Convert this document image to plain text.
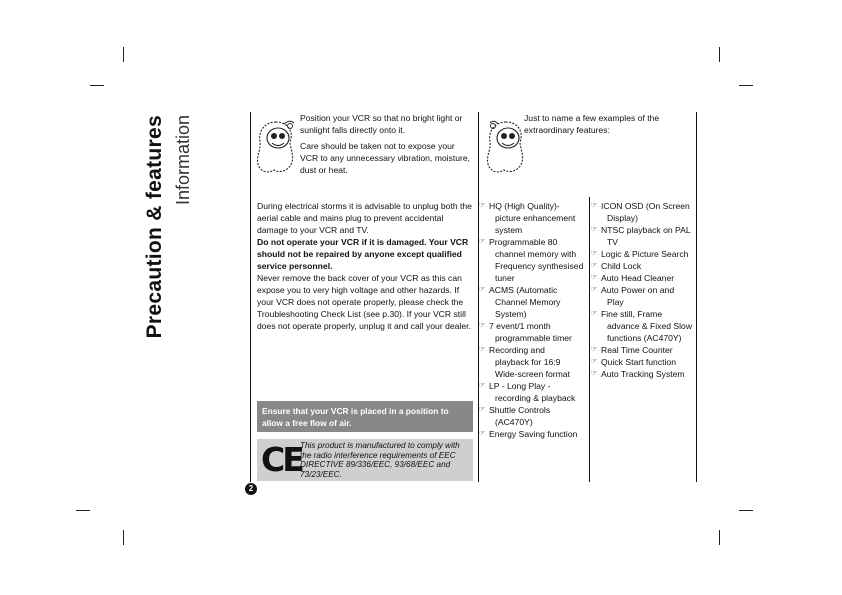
Precaution & features Information	Position your VCR so that no bright light or sunlight falls directly onto it.

Care should be taken not to expose your VCR to any unnecessary vibration, moisture, dust or heat.

During electrical storms it is advisable to unplug both the aerial cable and mains plug to prevent accidental damage to your VCR and TV.

Do not operate your VCR if it is damaged. Your VCR should not be repaired by anyone except qualified service personnel.

Never remove the back cover of your VCR as this can expose you to very high voltage and other hazards. If your VCR does not operate properly, please check the Troubleshooting Check List (see p.30). If your VCR still does not operate properly, unplug it and call your dealer.

Ensure that your VCR is placed in a position to allow a free flow of air.
CE
This product is manufactured to comply with the radio interference requirements of EEC DIRECTIVE 89/336/EEC, 93/68/EEC and 73/23/EEC.
2

Just to name a few examples of the extraordinary features:

☞ HQ (High Quality)-
picture enhancement
system
☞ Programmable 80
channel memory with
Frequency synthesised
tuner
☞ ACMS (Automatic
Channel Memory
System)
☞ 7 event/1 month
programmable timer
☞ Recording and
playback for 16:9
Wide-screen format
☞ LP - Long Play -
recording & playback
☞ Shuttle Controls
(AC470Y)
☞ Energy Saving function
☞ ICON OSD (On Screen
Display)
☞ NTSC playback on PAL
TV
☞ Logic & Picture Search
☞ Child Lock
☞ Auto Head Cleaner
☞ Auto Power on and
Play
☞ Fine still, Frame
advance & Fixed Slow
functions (AC470Y)
☞ Real Time Counter
☞ Quick Start function
☞ Auto Tracking System
